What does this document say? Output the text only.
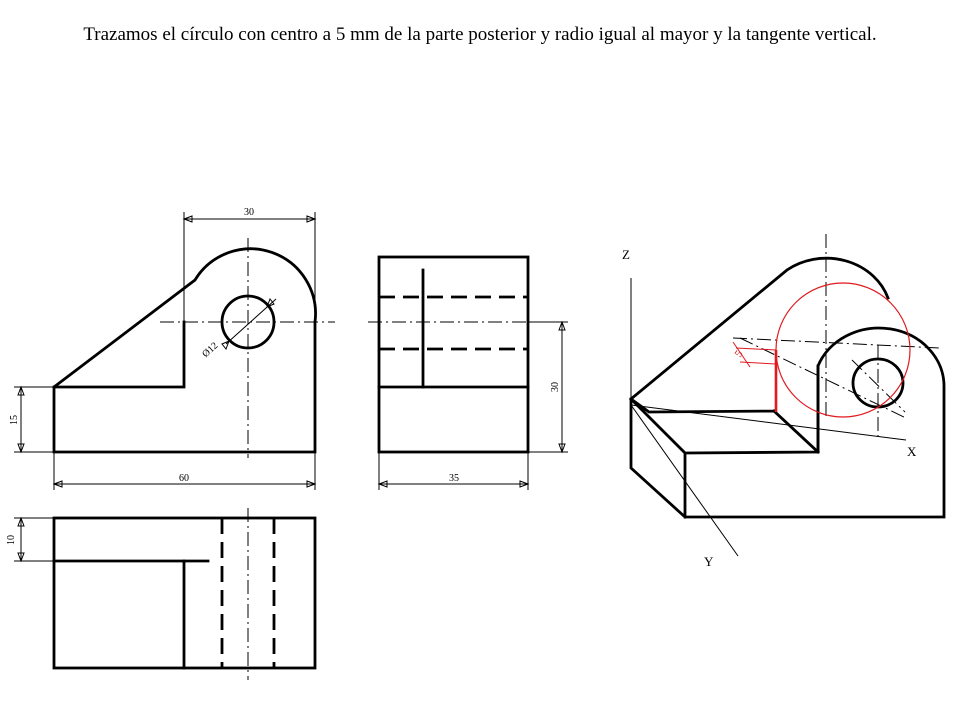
Trazamos el círculo con centro a 5 mm de la parte posterior y radio igual al mayor y la tangente vertical.
30
60
15
Ø12
30
35
10
Z
X
Y
5
